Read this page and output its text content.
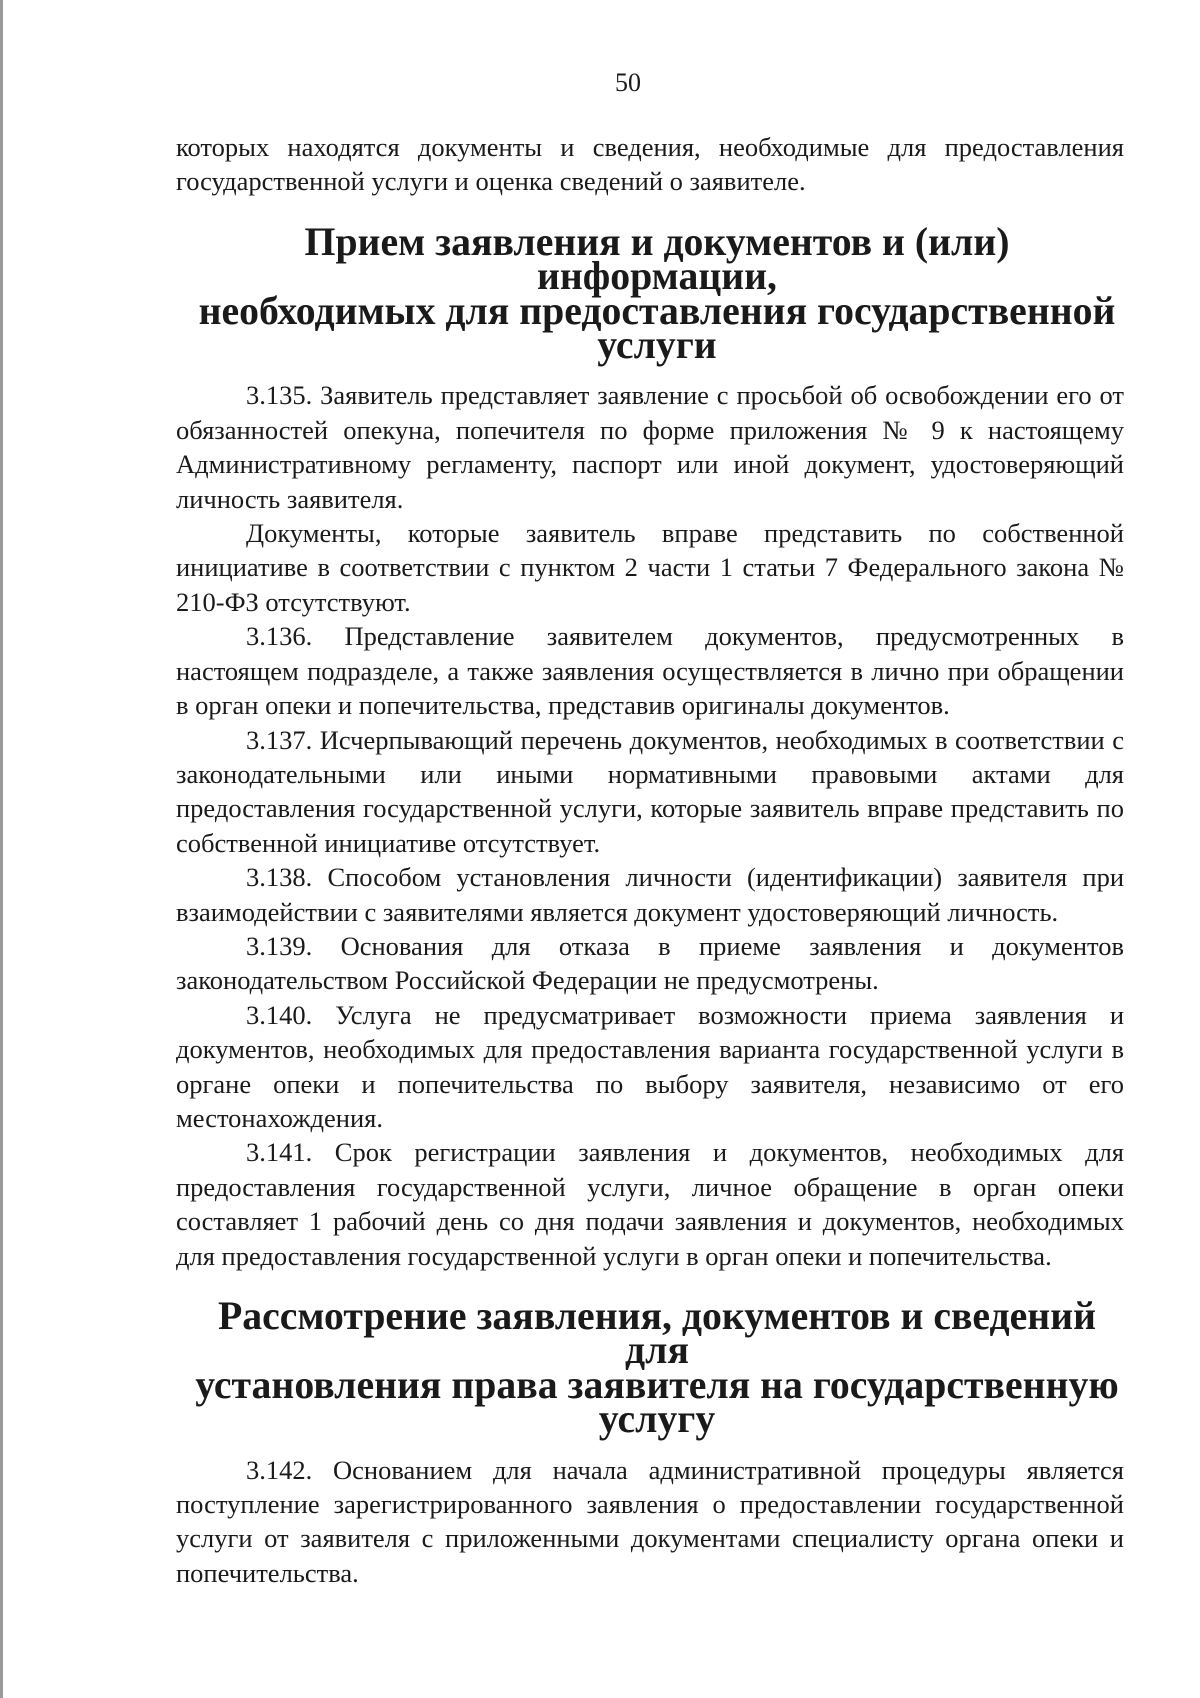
50

которых находятся документы и сведения, необходимые для предоставления государственной услуги и оценка сведений о заявителе.

Прием заявления и документов и (или) информации,
необходимых для предоставления государственной услуги

3.135. Заявитель представляет заявление с просьбой об освобождении его от обязанностей опекуна, попечителя по форме приложения № 9 к настоящему Административному регламенту, паспорт или иной документ, удостоверяющий личность заявителя.

Документы, которые заявитель вправе представить по собственной инициативе в соответствии с пунктом 2 части 1 статьи 7 Федерального закона № 210-ФЗ отсутствуют.

3.136. Представление заявителем документов, предусмотренных в настоящем подразделе, а также заявления осуществляется в лично при обращении в орган опеки и попечительства, представив оригиналы документов.

3.137. Исчерпывающий перечень документов, необходимых в соответствии с законодательными или иными нормативными правовыми актами для предоставления государственной услуги, которые заявитель вправе представить по собственной инициативе отсутствует.

3.138. Способом установления личности (идентификации) заявителя при взаимодействии с заявителями является документ удостоверяющий личность.

3.139. Основания для отказа в приеме заявления и документов законодательством Российской Федерации не предусмотрены.

3.140. Услуга не предусматривает возможности приема заявления и документов, необходимых для предоставления варианта государственной услуги в органе опеки и попечительства по выбору заявителя, независимо от его местонахождения.

3.141. Срок регистрации заявления и документов, необходимых для предоставления государственной услуги, личное обращение в орган опеки составляет 1 рабочий день со дня подачи заявления и документов, необходимых для предоставления государственной услуги в орган опеки и попечительства.

Рассмотрение заявления, документов и сведений для
установления права заявителя на государственную услугу

3.142. Основанием для начала административной процедуры является поступление зарегистрированного заявления о предоставлении государственной услуги от заявителя с приложенными документами специалисту органа опеки и попечительства.
